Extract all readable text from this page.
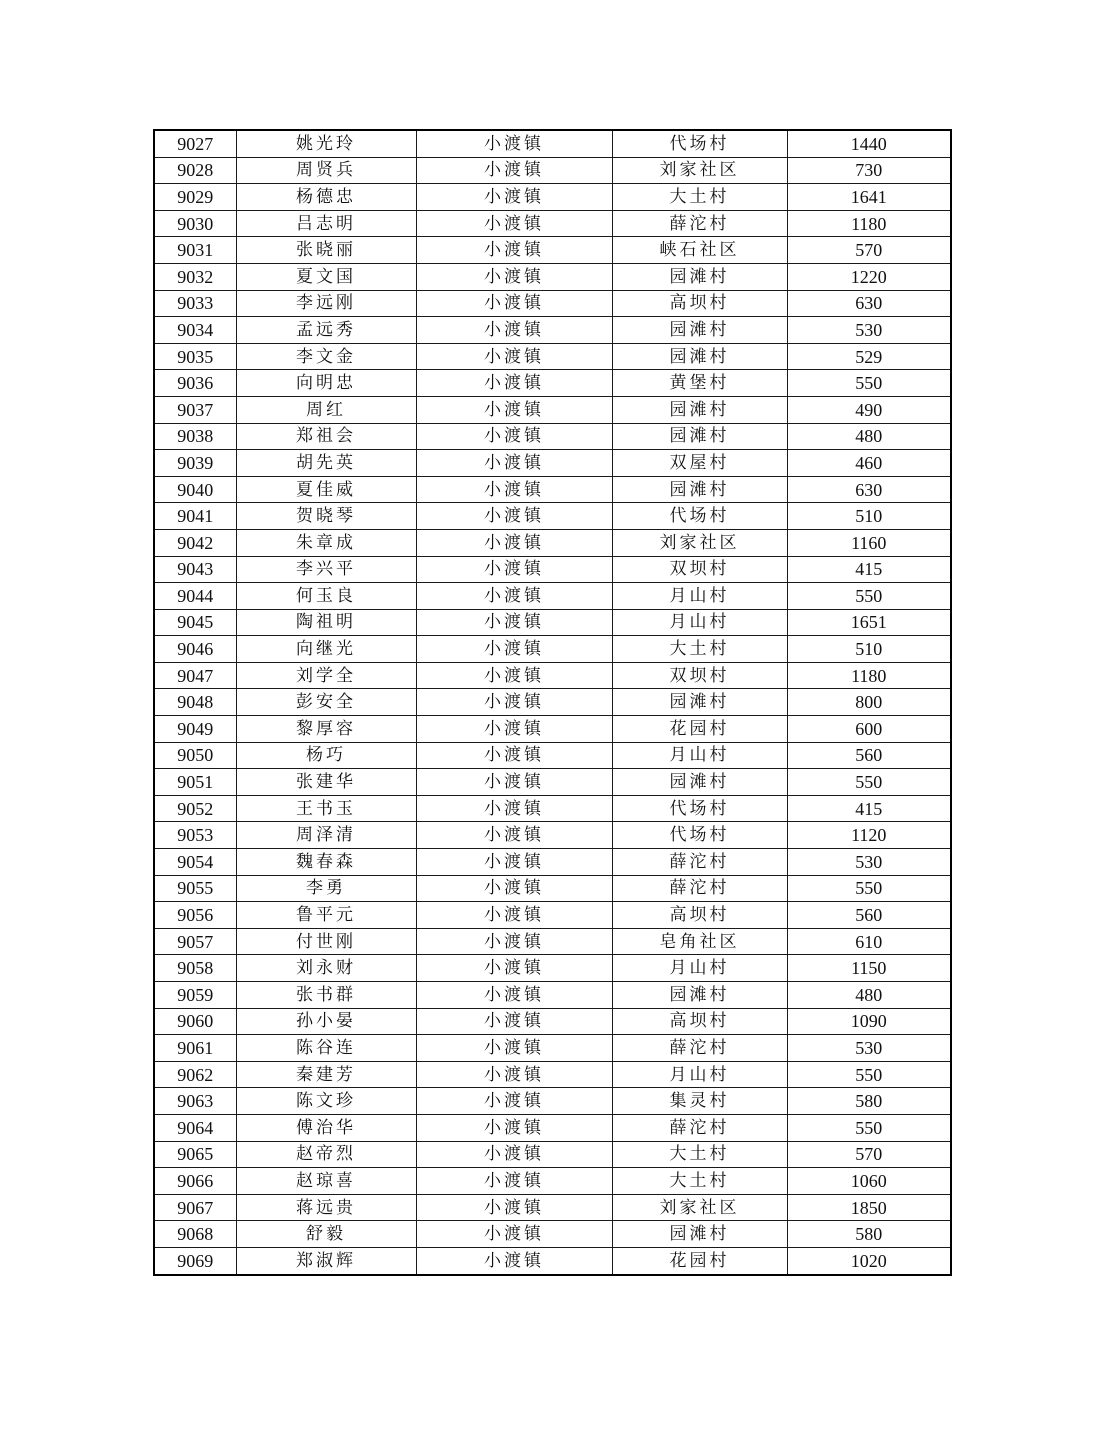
9027	姚光玲	小渡镇	代场村	1440
9028	周贤兵	小渡镇	刘家社区	730
9029	杨德忠	小渡镇	大土村	1641
9030	吕志明	小渡镇	薛沱村	1180
9031	张晓丽	小渡镇	峡石社区	570
9032	夏文国	小渡镇	园滩村	1220
9033	李远刚	小渡镇	高坝村	630
9034	孟远秀	小渡镇	园滩村	530
9035	李文金	小渡镇	园滩村	529
9036	向明忠	小渡镇	黄堡村	550
9037	周红	小渡镇	园滩村	490
9038	郑祖会	小渡镇	园滩村	480
9039	胡先英	小渡镇	双屋村	460
9040	夏佳威	小渡镇	园滩村	630
9041	贺晓琴	小渡镇	代场村	510
9042	朱章成	小渡镇	刘家社区	1160
9043	李兴平	小渡镇	双坝村	415
9044	何玉良	小渡镇	月山村	550
9045	陶祖明	小渡镇	月山村	1651
9046	向继光	小渡镇	大土村	510
9047	刘学全	小渡镇	双坝村	1180
9048	彭安全	小渡镇	园滩村	800
9049	黎厚容	小渡镇	花园村	600
9050	杨巧	小渡镇	月山村	560
9051	张建华	小渡镇	园滩村	550
9052	王书玉	小渡镇	代场村	415
9053	周泽清	小渡镇	代场村	1120
9054	魏春森	小渡镇	薛沱村	530
9055	李勇	小渡镇	薛沱村	550
9056	鲁平元	小渡镇	高坝村	560
9057	付世刚	小渡镇	皂角社区	610
9058	刘永财	小渡镇	月山村	1150
9059	张书群	小渡镇	园滩村	480
9060	孙小晏	小渡镇	高坝村	1090
9061	陈谷连	小渡镇	薛沱村	530
9062	秦建芳	小渡镇	月山村	550
9063	陈文珍	小渡镇	集灵村	580
9064	傅治华	小渡镇	薛沱村	550
9065	赵帝烈	小渡镇	大土村	570
9066	赵琼喜	小渡镇	大土村	1060
9067	蒋远贵	小渡镇	刘家社区	1850
9068	舒毅	小渡镇	园滩村	580
9069	郑淑辉	小渡镇	花园村	1020
